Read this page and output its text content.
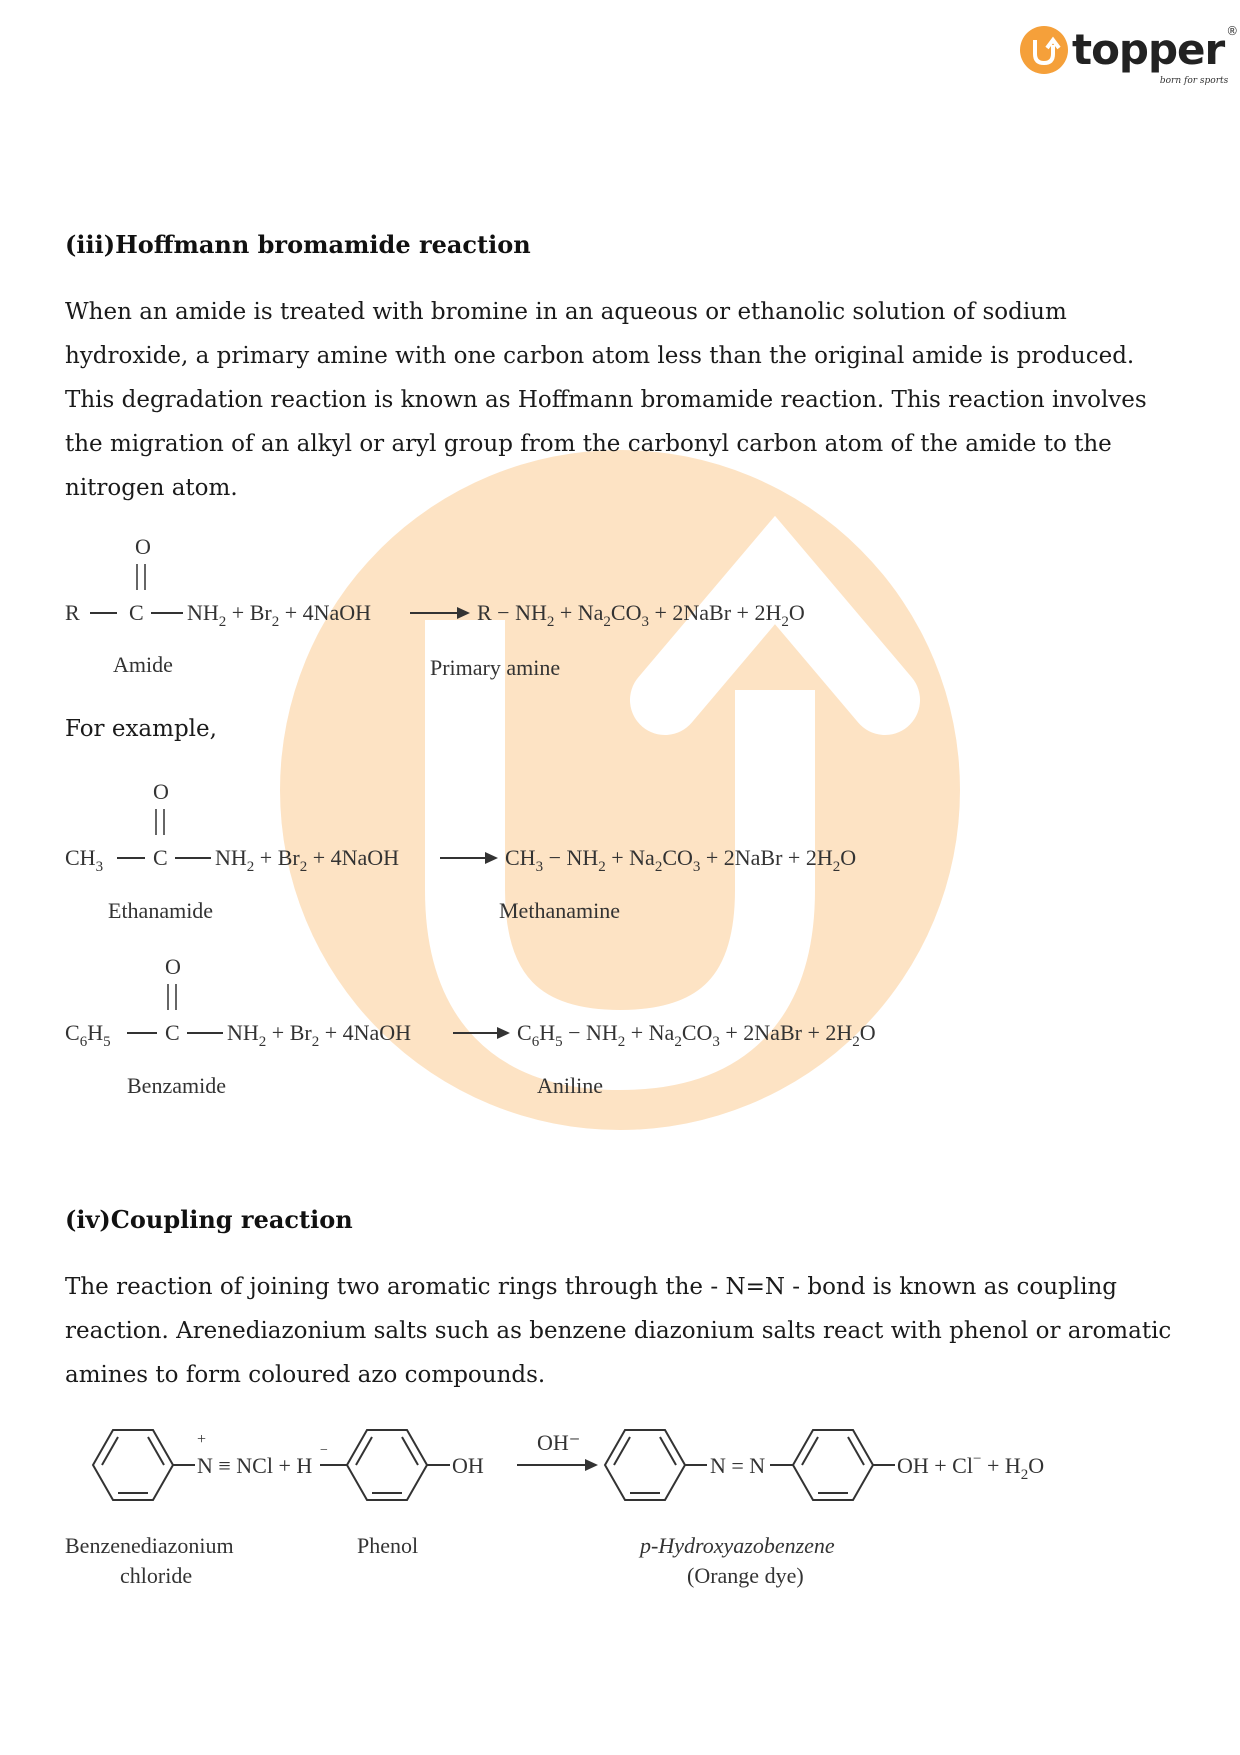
topper ®
born for sports
(iii)Hoffmann bromamide reaction

When an amide is treated with bromine in an aqueous or ethanolic solution of sodium hydroxide, a primary amine with one carbon atom less than the original amide is produced. This degradation reaction is known as Hoffmann bromamide reaction. This reaction involves the migration of an alkyl or aryl group from the carbonyl carbon atom of the amide to the nitrogen atom.

O
R C $NH_2 + Br_2$ + 4NaOH	$R - NH_2 + Na_2CO_3$ + 2NaBr + $2H_2O$
Amide	Primary amine

For example,

O
$CH_3$ C $NH_2 + Br_2$ + 4NaOH	$CH_3 - NH_2 + Na_2CO_3$ + 2NaBr + $2H_2O$
Ethanamide	Methanamine
O
$C_6H_5$ C $NH_2 + Br_2$ + 4NaOH	$C_6H_5 - NH_2 + Na_2CO_3$ + 2NaBr + $2H_2O$
Benzamide	Aniline
(iv)Coupling reaction

The reaction of joining two aromatic rings through the - N=N - bond is known as coupling reaction. Arenediazonium salts such as benzene diazonium salts react with phenol or aromatic amines to form coloured azo compounds.

+
N ≡ NCl + H
−
OH
OH⁻
N = N	OH + $Cl^- + H_2O$
Benzenediazonium
chloride
Phenol	p-Hydroxyazobenzene
(Orange dye)
